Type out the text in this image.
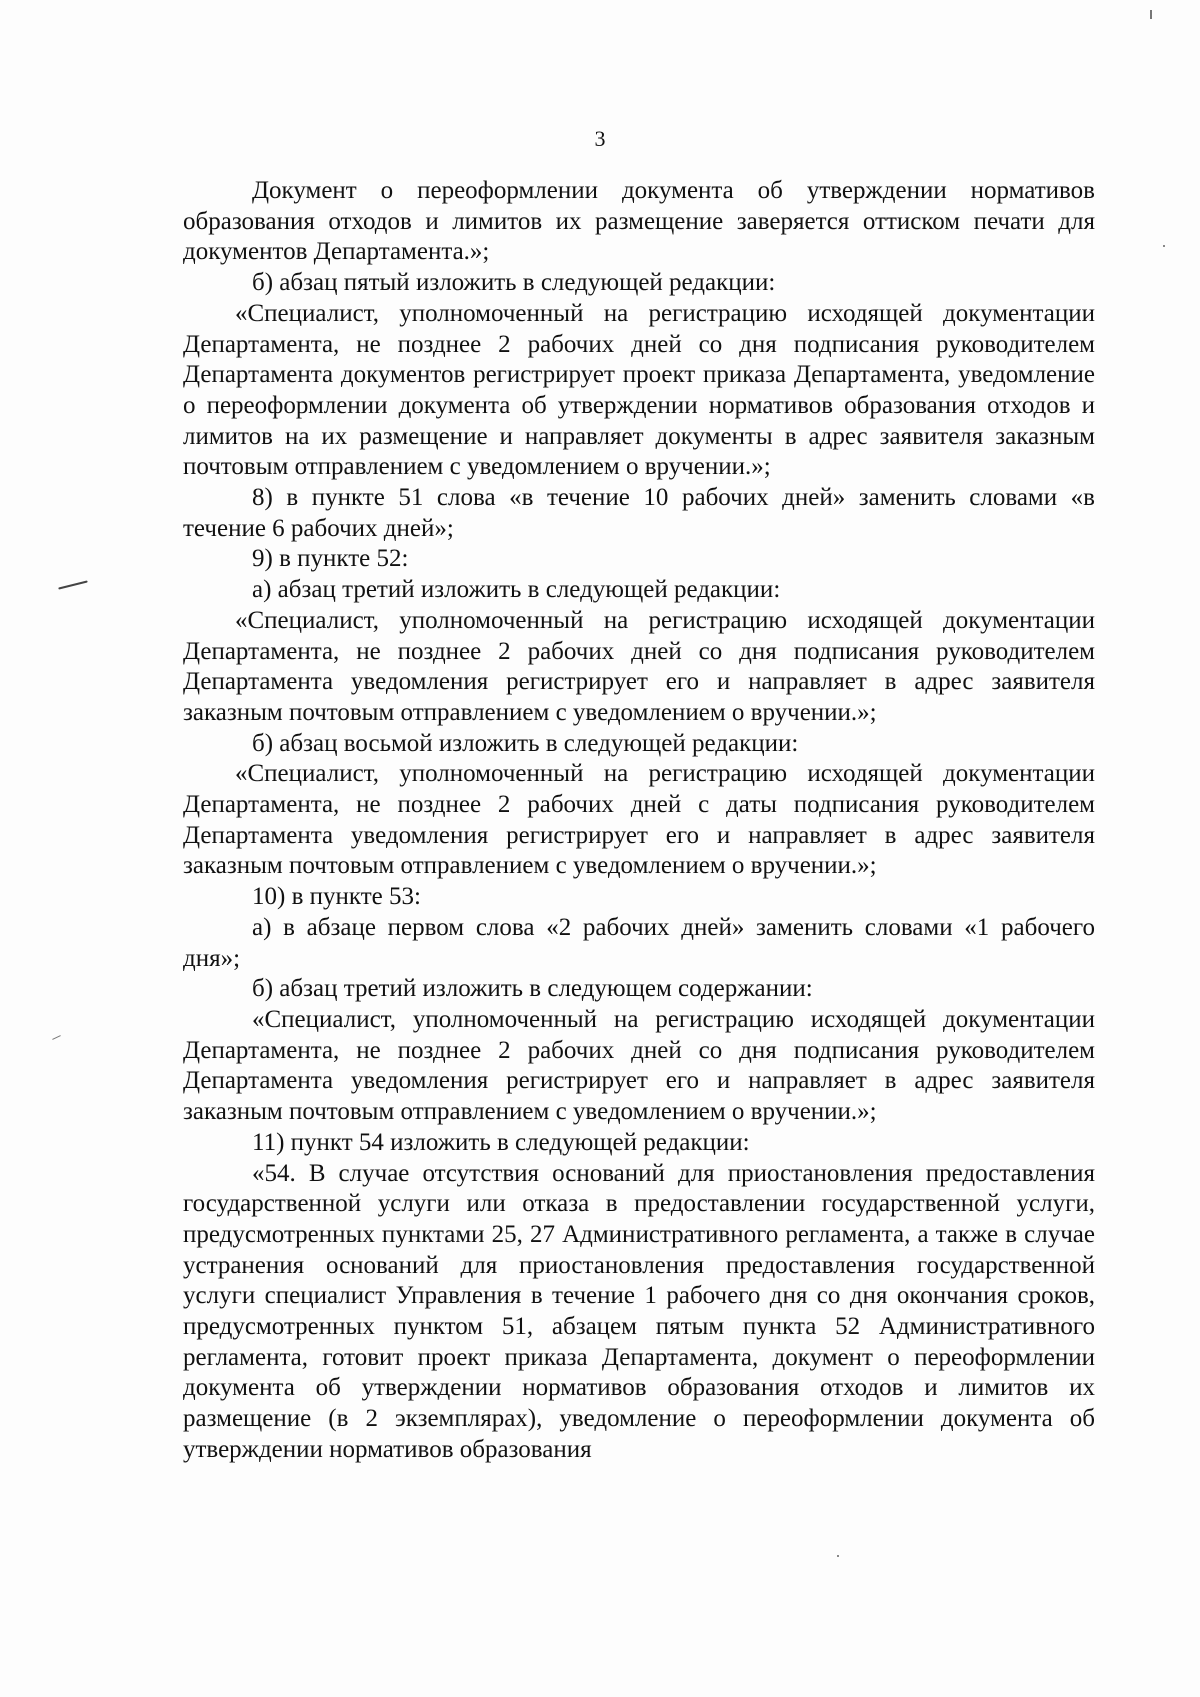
3

Документ о переоформлении документа об утверждении нормативов образования отходов и лимитов их размещение заверяется оттиском печати для документов Департамента.»;

б) абзац пятый изложить в следующей редакции:

«Специалист, уполномоченный на регистрацию исходящей документации Департамента, не позднее 2 рабочих дней со дня подписания руководителем Департамента документов регистрирует проект приказа Департамента, уведомление о переоформлении документа об утверждении нормативов образования отходов и лимитов на их размещение и направляет документы в адрес заявителя заказным почтовым отправлением с уведомлением о вручении.»;

8) в пункте 51 слова «в течение 10 рабочих дней» заменить словами «в течение 6 рабочих дней»;

9) в пункте 52:

а) абзац третий изложить в следующей редакции:

«Специалист, уполномоченный на регистрацию исходящей документации Департамента, не позднее 2 рабочих дней со дня подписания руководителем Департамента уведомления регистрирует его и направляет в адрес заявителя заказным почтовым отправлением с уведомлением о вручении.»;

б) абзац восьмой изложить в следующей редакции:

«Специалист, уполномоченный на регистрацию исходящей документации Департамента, не позднее 2 рабочих дней с даты подписания руководителем Департамента уведомления регистрирует его и направляет в адрес заявителя заказным почтовым отправлением с уведомлением о вручении.»;

10) в пункте 53:

а) в абзаце первом слова «2 рабочих дней» заменить словами «1 рабочего дня»;

б) абзац третий изложить в следующем содержании:

«Специалист, уполномоченный на регистрацию исходящей документации Департамента, не позднее 2 рабочих дней со дня подписания руководителем Департамента уведомления регистрирует его и направляет в адрес заявителя заказным почтовым отправлением с уведомлением о вручении.»;

11) пункт 54 изложить в следующей редакции:

«54. В случае отсутствия оснований для приостановления предоставления государственной услуги или отказа в предоставлении государственной услуги, предусмотренных пунктами 25, 27 Административного регламента, а также в случае устранения оснований для приостановления предоставления государственной услуги специалист Управления в течение 1 рабочего дня со дня окончания сроков, предусмотренных пунктом 51, абзацем пятым пункта 52 Административного регламента, готовит проект приказа Департамента, документ о переоформлении документа об утверждении нормативов образования отходов и лимитов их размещение (в 2 экземплярах), уведомление о переоформлении документа об утверждении нормативов образования
